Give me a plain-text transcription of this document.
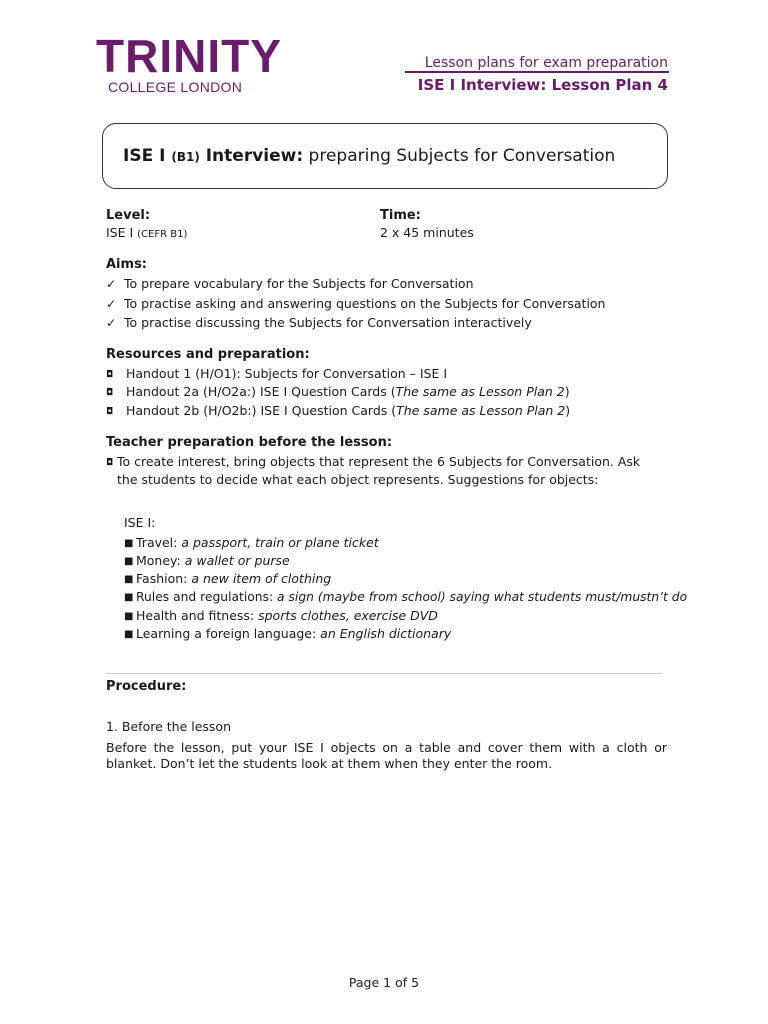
TRINITY
COLLEGE LONDON
Lesson plans for exam preparation
ISE I Interview: Lesson Plan 4
ISE I (B1) Interview: preparing Subjects for Conversation
Level:
ISE I (CEFR B1)
Time:
2 x 45 minutes
Aims:
✓ To prepare vocabulary for the Subjects for Conversation
✓ To practise asking and answering questions on the Subjects for Conversation
✓ To practise discussing the Subjects for Conversation interactively
Resources and preparation:
◘ Handout 1 (H/O1): Subjects for Conversation – ISE I
◘ Handout 2a (H/O2a:) ISE I Question Cards (The same as Lesson Plan 2)
◘ Handout 2b (H/O2b:) ISE I Question Cards (The same as Lesson Plan 2)
Teacher preparation before the lesson:
◘ To create interest, bring objects that represent the 6 Subjects for Conversation. Ask
the students to decide what each object represents. Suggestions for objects:
ISE I:
■ Travel: a passport, train or plane ticket
■ Money: a wallet or purse
■ Fashion: a new item of clothing
■ Rules and regulations: a sign (maybe from school) saying what students must/mustn’t do
■ Health and fitness: sports clothes, exercise DVD
■ Learning a foreign language: an English dictionary
Procedure:
1. Before the lesson
Before the lesson, put your ISE I objects on a table and cover them with a cloth or blanket. Don’t let the students look at them when they enter the room.
Page 1 of 5
